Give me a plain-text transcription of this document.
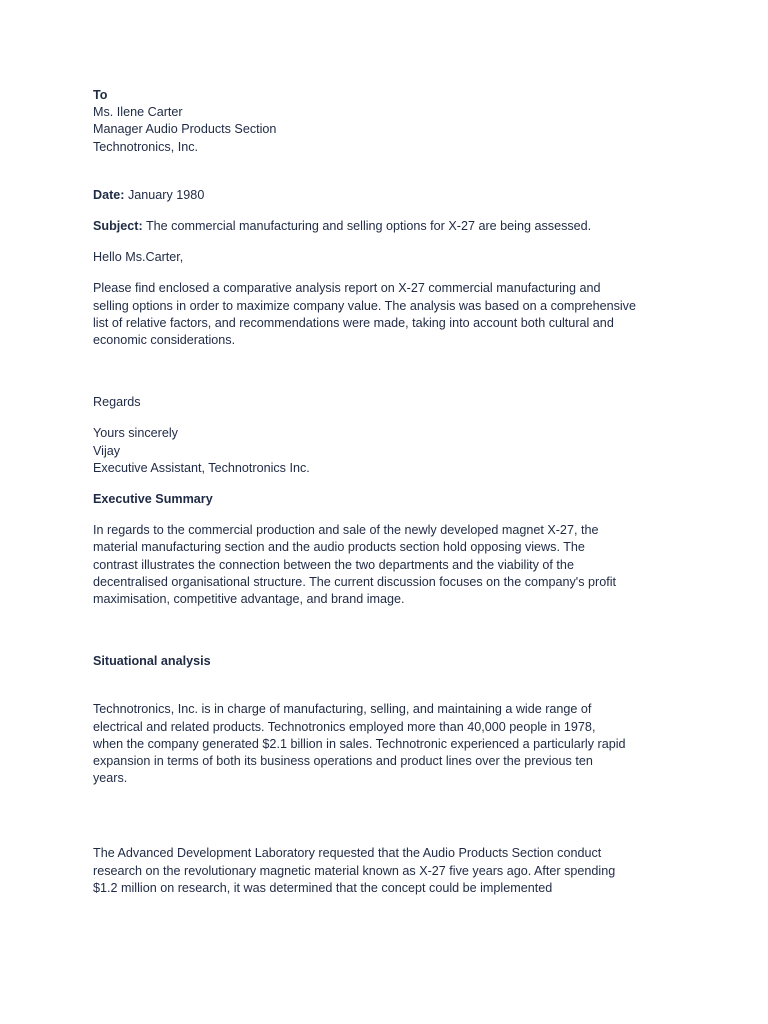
To
Ms. Ilene Carter
Manager Audio Products Section
Technotronics, Inc.

Date: January 1980

Subject: The commercial manufacturing and selling options for X-27 are being assessed.

Hello Ms.Carter,

Please find enclosed a comparative analysis report on X-27 commercial manufacturing and
selling options in order to maximize company value. The analysis was based on a comprehensive
list of relative factors, and recommendations were made, taking into account both cultural and
economic considerations.

Regards

Yours sincerely
Vijay
Executive Assistant, Technotronics Inc.

Executive Summary

In regards to the commercial production and sale of the newly developed magnet X-27, the
material manufacturing section and the audio products section hold opposing views. The
contrast illustrates the connection between the two departments and the viability of the
decentralised organisational structure. The current discussion focuses on the company's profit
maximisation, competitive advantage, and brand image.

Situational analysis

Technotronics, Inc. is in charge of manufacturing, selling, and maintaining a wide range of
electrical and related products. Technotronics employed more than 40,000 people in 1978,
when the company generated $2.1 billion in sales. Technotronic experienced a particularly rapid
expansion in terms of both its business operations and product lines over the previous ten
years.
The Advanced Development Laboratory requested that the Audio Products Section conduct
research on the revolutionary magnetic material known as X-27 five years ago. After spending
$1.2 million on research, it was determined that the concept could be implemented
